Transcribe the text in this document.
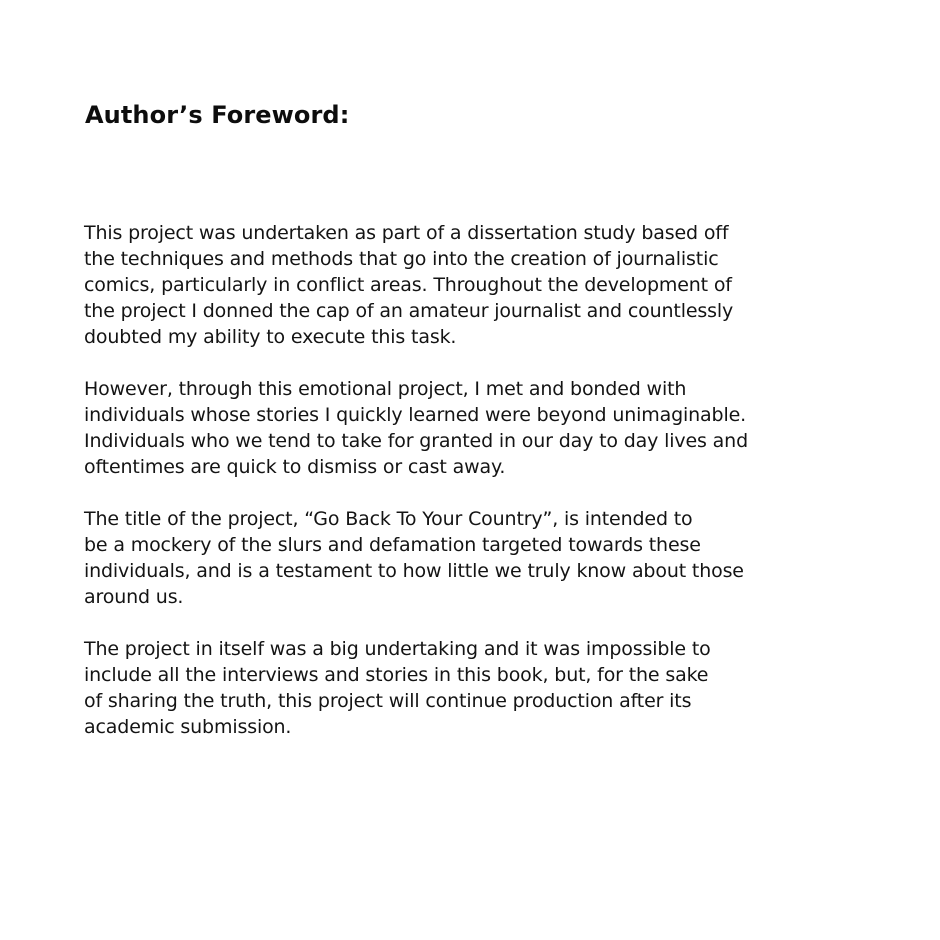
Author’s Foreword:

This project was undertaken as part of a dissertation study based off
the techniques and methods that go into the creation of journalistic
comics, particularly in conflict areas. Throughout the development of
the project I donned the cap of an amateur journalist and countlessly
doubted my ability to execute this task.

However, through this emotional project, I met and bonded with
individuals whose stories I quickly learned were beyond unimaginable.
Individuals who we tend to take for granted in our day to day lives and
oftentimes are quick to dismiss or cast away.

The title of the project, “Go Back To Your Country”, is intended to
be a mockery of the slurs and defamation targeted towards these
individuals, and is a testament to how little we truly know about those
around us.

The project in itself was a big undertaking and it was impossible to
include all the interviews and stories in this book, but, for the sake
of sharing the truth, this project will continue production after its
academic submission.
